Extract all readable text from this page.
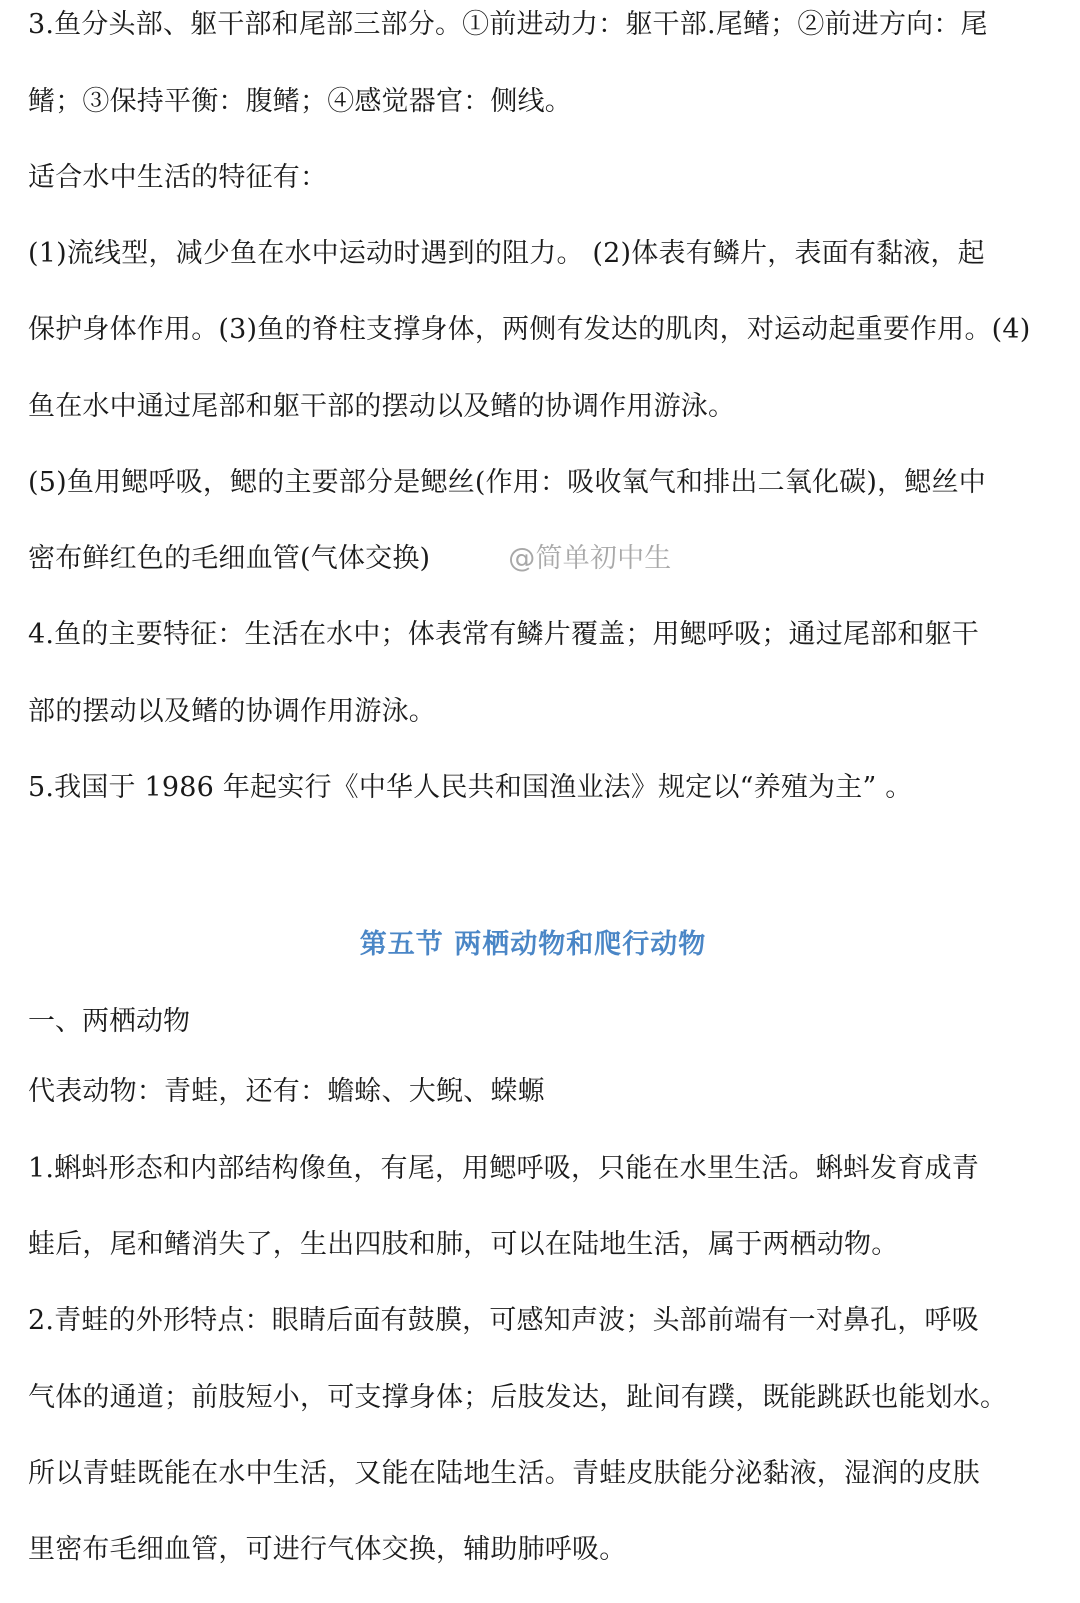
3.鱼分头部、躯干部和尾部三部分。①前进动力：躯干部.尾鳍；②前进方向：尾
鳍；③保持平衡：腹鳍；④感觉器官：侧线。
适合水中生活的特征有：
(1)流线型，减少鱼在水中运动时遇到的阻力。 (2)体表有鳞片，表面有黏液，起
保护身体作用。(3)鱼的脊柱支撑身体，两侧有发达的肌肉，对运动起重要作用。(4)
鱼在水中通过尾部和躯干部的摆动以及鳍的协调作用游泳。
(5)鱼用鳃呼吸，鳃的主要部分是鳃丝(作用：吸收氧气和排出二氧化碳)，鳃丝中
密布鲜红色的毛细血管(气体交换)	@简单初中生
4.鱼的主要特征：生活在水中；体表常有鳞片覆盖；用鳃呼吸；通过尾部和躯干
部的摆动以及鳍的协调作用游泳。
5.我国于 1986 年起实行《中华人民共和国渔业法》规定以“养殖为主” 。
第五节 两栖动物和爬行动物
一、两栖动物
代表动物：青蛙，还有：蟾蜍、大鲵、蝾螈
1.蝌蚪形态和内部结构像鱼，有尾，用鳃呼吸，只能在水里生活。蝌蚪发育成青
蛙后，尾和鳍消失了，生出四肢和肺，可以在陆地生活，属于两栖动物。
2.青蛙的外形特点：眼睛后面有鼓膜，可感知声波；头部前端有一对鼻孔，呼吸
气体的通道；前肢短小，可支撑身体；后肢发达，趾间有蹼，既能跳跃也能划水。
所以青蛙既能在水中生活，又能在陆地生活。青蛙皮肤能分泌黏液，湿润的皮肤
里密布毛细血管，可进行气体交换，辅助肺呼吸。
